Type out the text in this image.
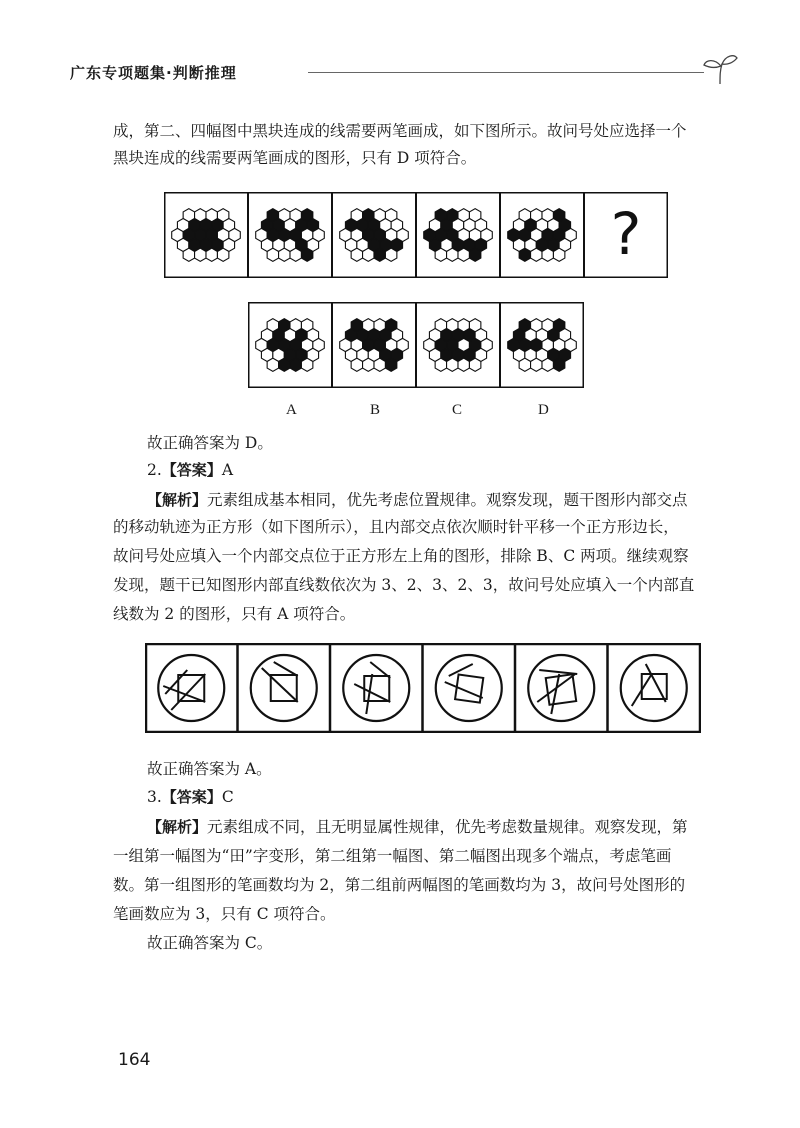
广东专项题集·判断推理
成，第二、四幅图中黑块连成的线需要两笔画成，如下图所示。故问号处应选择一个
黑块连成的线需要两笔画成的图形，只有 D 项符合。
?
A	B	C	D
故正确答案为 D。
2.【答案】A
【解析】元素组成基本相同，优先考虑位置规律。观察发现，题干图形内部交点
的移动轨迹为正方形（如下图所示），且内部交点依次顺时针平移一个正方形边长，
故问号处应填入一个内部交点位于正方形左上角的图形，排除 B、C 两项。继续观察
发现，题干已知图形内部直线数依次为 3、2、3、2、3，故问号处应填入一个内部直
线数为 2 的图形，只有 A 项符合。
故正确答案为 A。
3.【答案】C
【解析】元素组成不同，且无明显属性规律，优先考虑数量规律。观察发现，第
一组第一幅图为“田”字变形，第二组第一幅图、第二幅图出现多个端点，考虑笔画
数。第一组图形的笔画数均为 2，第二组前两幅图的笔画数均为 3，故问号处图形的
笔画数应为 3，只有 C 项符合。
故正确答案为 C。
164
